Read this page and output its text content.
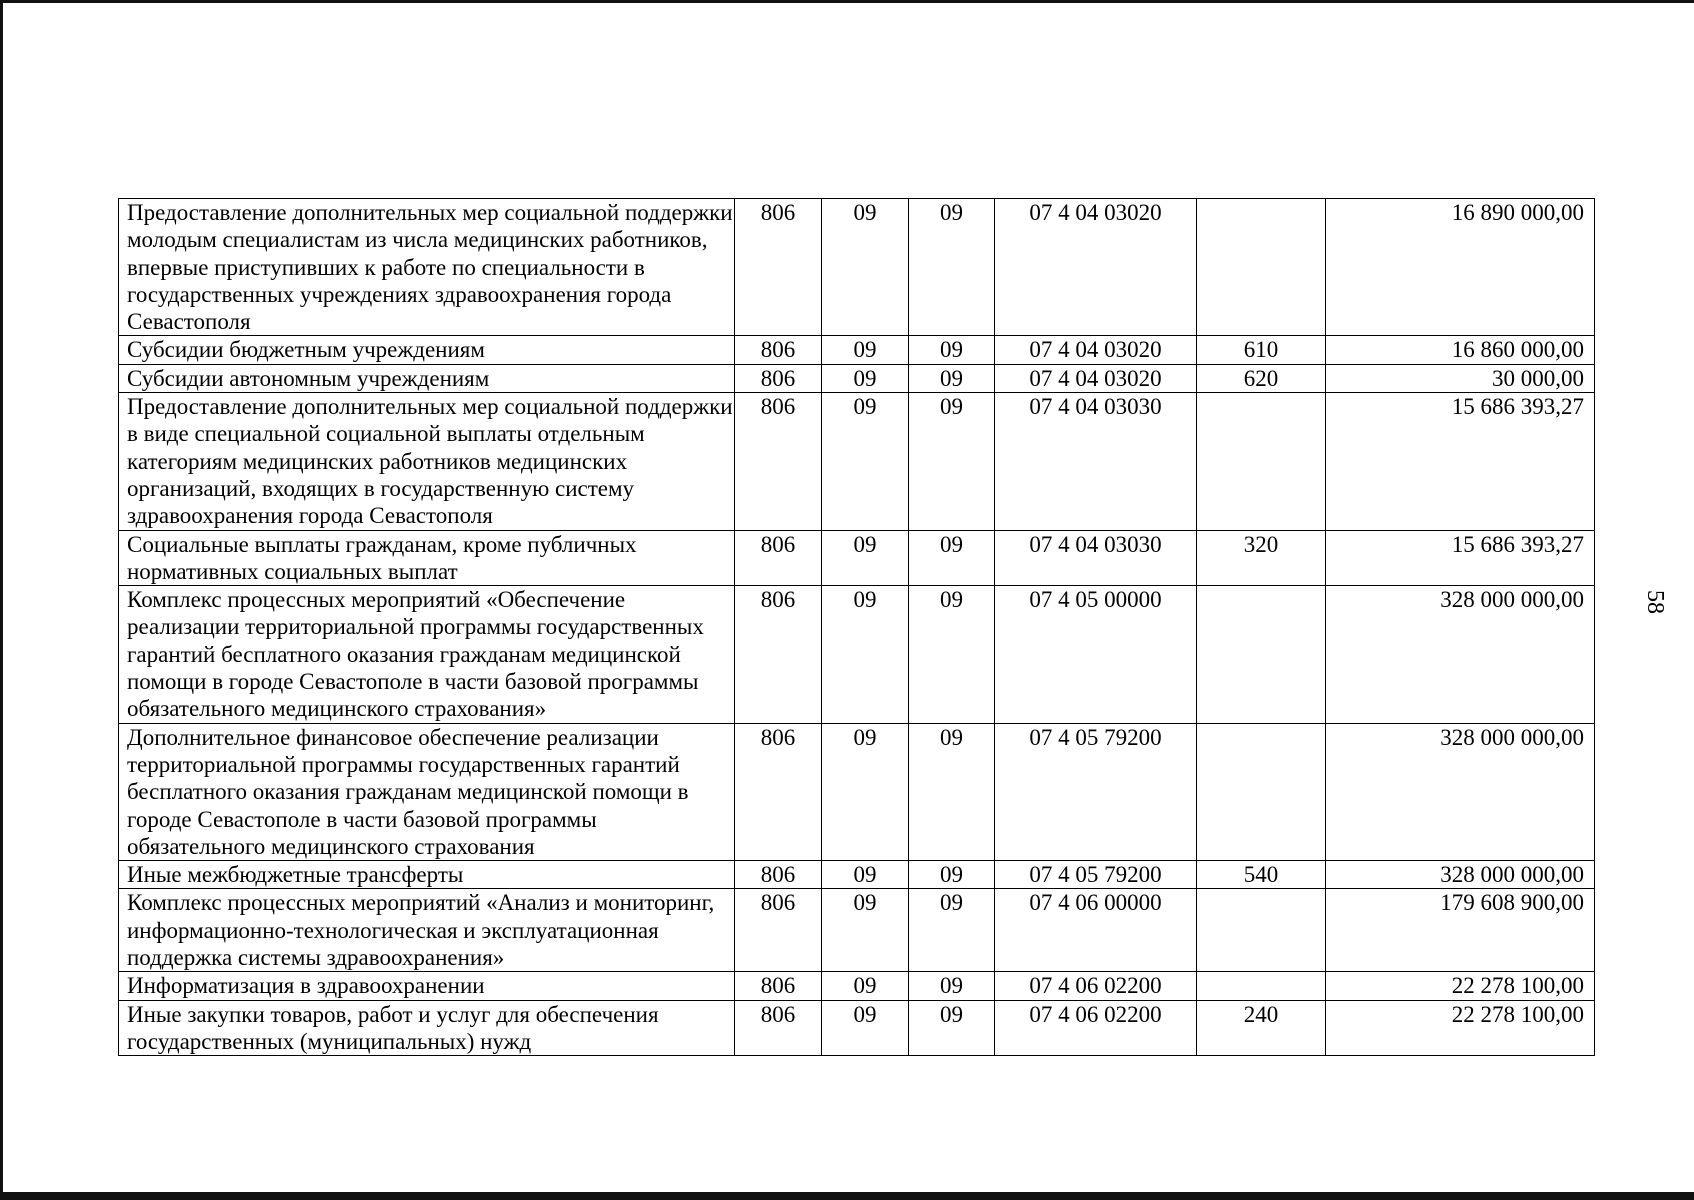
Предоставление дополнительных мер социальной поддержки молодым специалистам из числа медицинских работников, впервые приступивших к работе по специальности в государственных учреждениях здравоохранения города Севастополя	806	09	09	07 4 04 03020		16 890 000,00
Субсидии бюджетным учреждениям	806	09	09	07 4 04 03020	610	16 860 000,00
Субсидии автономным учреждениям	806	09	09	07 4 04 03020	620	30 000,00
Предоставление дополнительных мер социальной поддержки в виде специальной социальной выплаты отдельным категориям медицинских работников медицинских организаций, входящих в государственную систему здравоохранения города Севастополя	806	09	09	07 4 04 03030		15 686 393,27
Социальные выплаты гражданам, кроме публичных нормативных социальных выплат	806	09	09	07 4 04 03030	320	15 686 393,27
Комплекс процессных мероприятий «Обеспечение реализации территориальной программы государственных гарантий бесплатного оказания гражданам медицинской помощи в городе Севастополе в части базовой программы обязательного медицинского страхования»	806	09	09	07 4 05 00000		328 000 000,00
Дополнительное финансовое обеспечение реализации территориальной программы государственных гарантий бесплатного оказания гражданам медицинской помощи в городе Севастополе в части базовой программы обязательного медицинского страхования	806	09	09	07 4 05 79200		328 000 000,00
Иные межбюджетные трансферты	806	09	09	07 4 05 79200	540	328 000 000,00
Комплекс процессных мероприятий «Анализ и мониторинг, информационно-технологическая и эксплуатационная поддержка системы здравоохранения»	806	09	09	07 4 06 00000		179 608 900,00
Информатизация в здравоохранении	806	09	09	07 4 06 02200		22 278 100,00
Иные закупки товаров, работ и услуг для обеспечения государственных (муниципальных) нужд	806	09	09	07 4 06 02200	240	22 278 100,00
58
